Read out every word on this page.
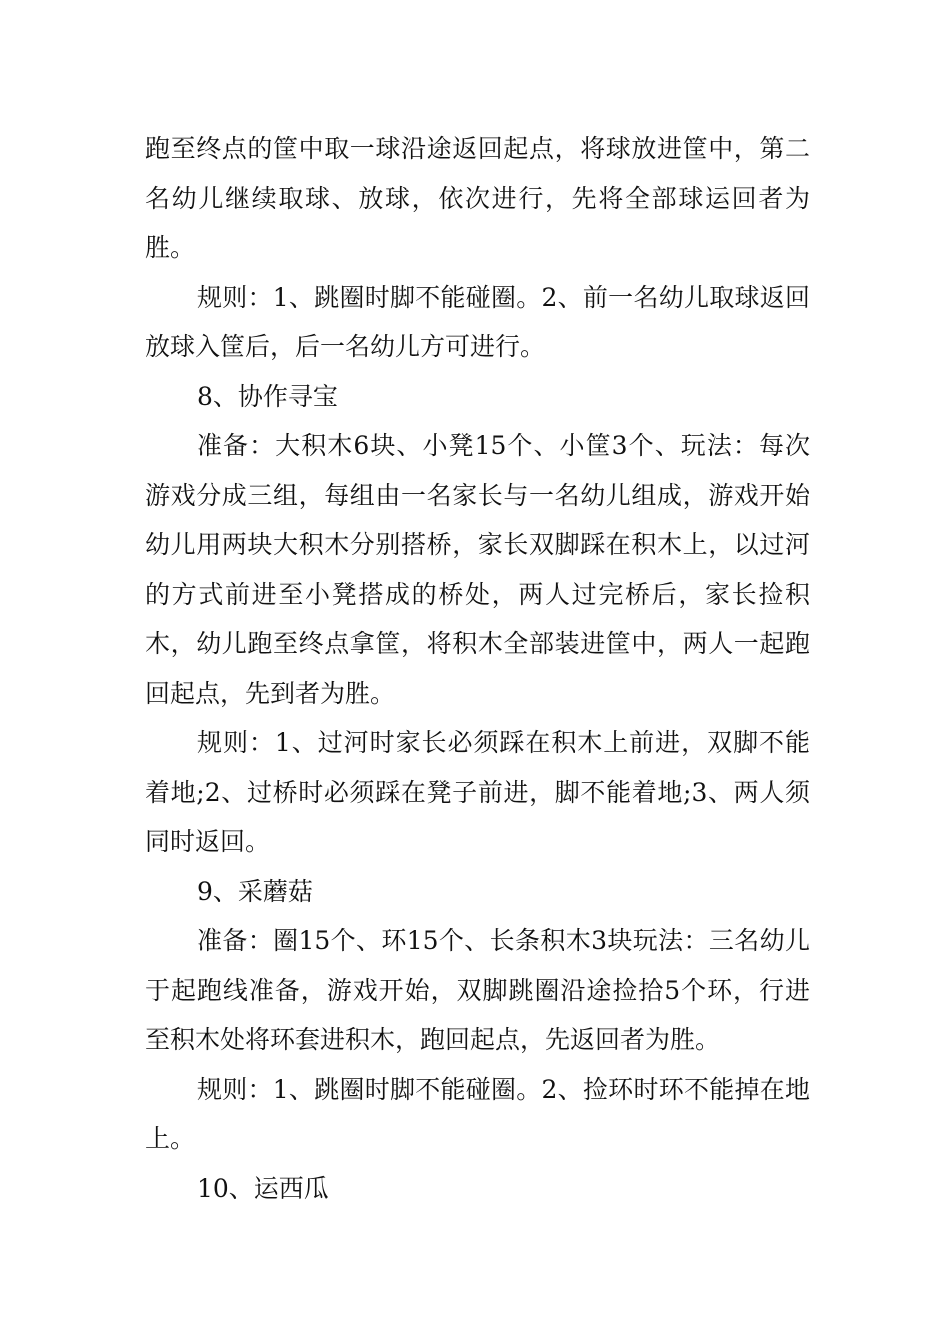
跑至终点的筐中取一球沿途返回起点，将球放进筐中，第二名幼儿继续取球、放球，依次进行，先将全部球运回者为胜。

规则：1、跳圈时脚不能碰圈。2、前一名幼儿取球返回放球入筐后，后一名幼儿方可进行。

8、协作寻宝

准备：大积木6块、小凳15个、小筐3个、玩法：每次游戏分成三组，每组由一名家长与一名幼儿组成，游戏开始幼儿用两块大积木分别搭桥，家长双脚踩在积木上，以过河的方式前进至小凳搭成的桥处，两人过完桥后，家长捡积木，幼儿跑至终点拿筐，将积木全部装进筐中，两人一起跑回起点，先到者为胜。

规则：1、过河时家长必须踩在积木上前进，双脚不能着地;2、过桥时必须踩在凳子前进，脚不能着地;3、两人须同时返回。

9、采蘑菇

准备：圈15个、环15个、长条积木3块玩法：三名幼儿于起跑线准备，游戏开始，双脚跳圈沿途捡拾5个环，行进至积木处将环套进积木，跑回起点，先返回者为胜。

规则：1、跳圈时脚不能碰圈。2、捡环时环不能掉在地上。

10、运西瓜
